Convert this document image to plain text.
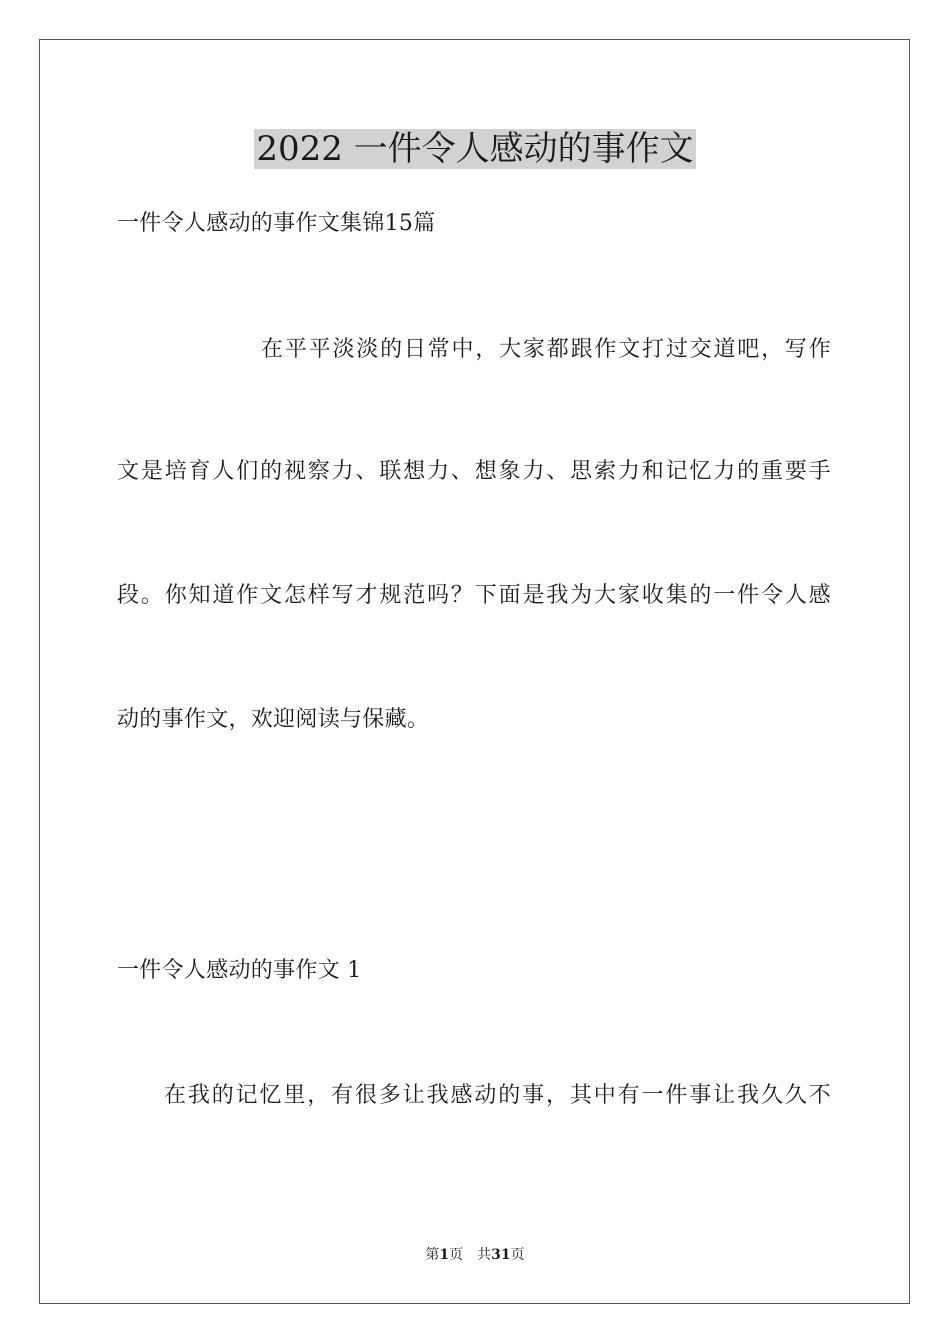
2022 一件令人感动的事作文
一件令人感动的事作文集锦15篇
在平平淡淡的日常中，大家都跟作文打过交道吧，写作
文是培育人们的视察力、联想力、想象力、思索力和记忆力的重要手
段。你知道作文怎样写才规范吗？下面是我为大家收集的一件令人感
动的事作文，欢迎阅读与保藏。
一件令人感动的事作文 1
在我的记忆里，有很多让我感动的事，其中有一件事让我久久不
第1页　共31页
